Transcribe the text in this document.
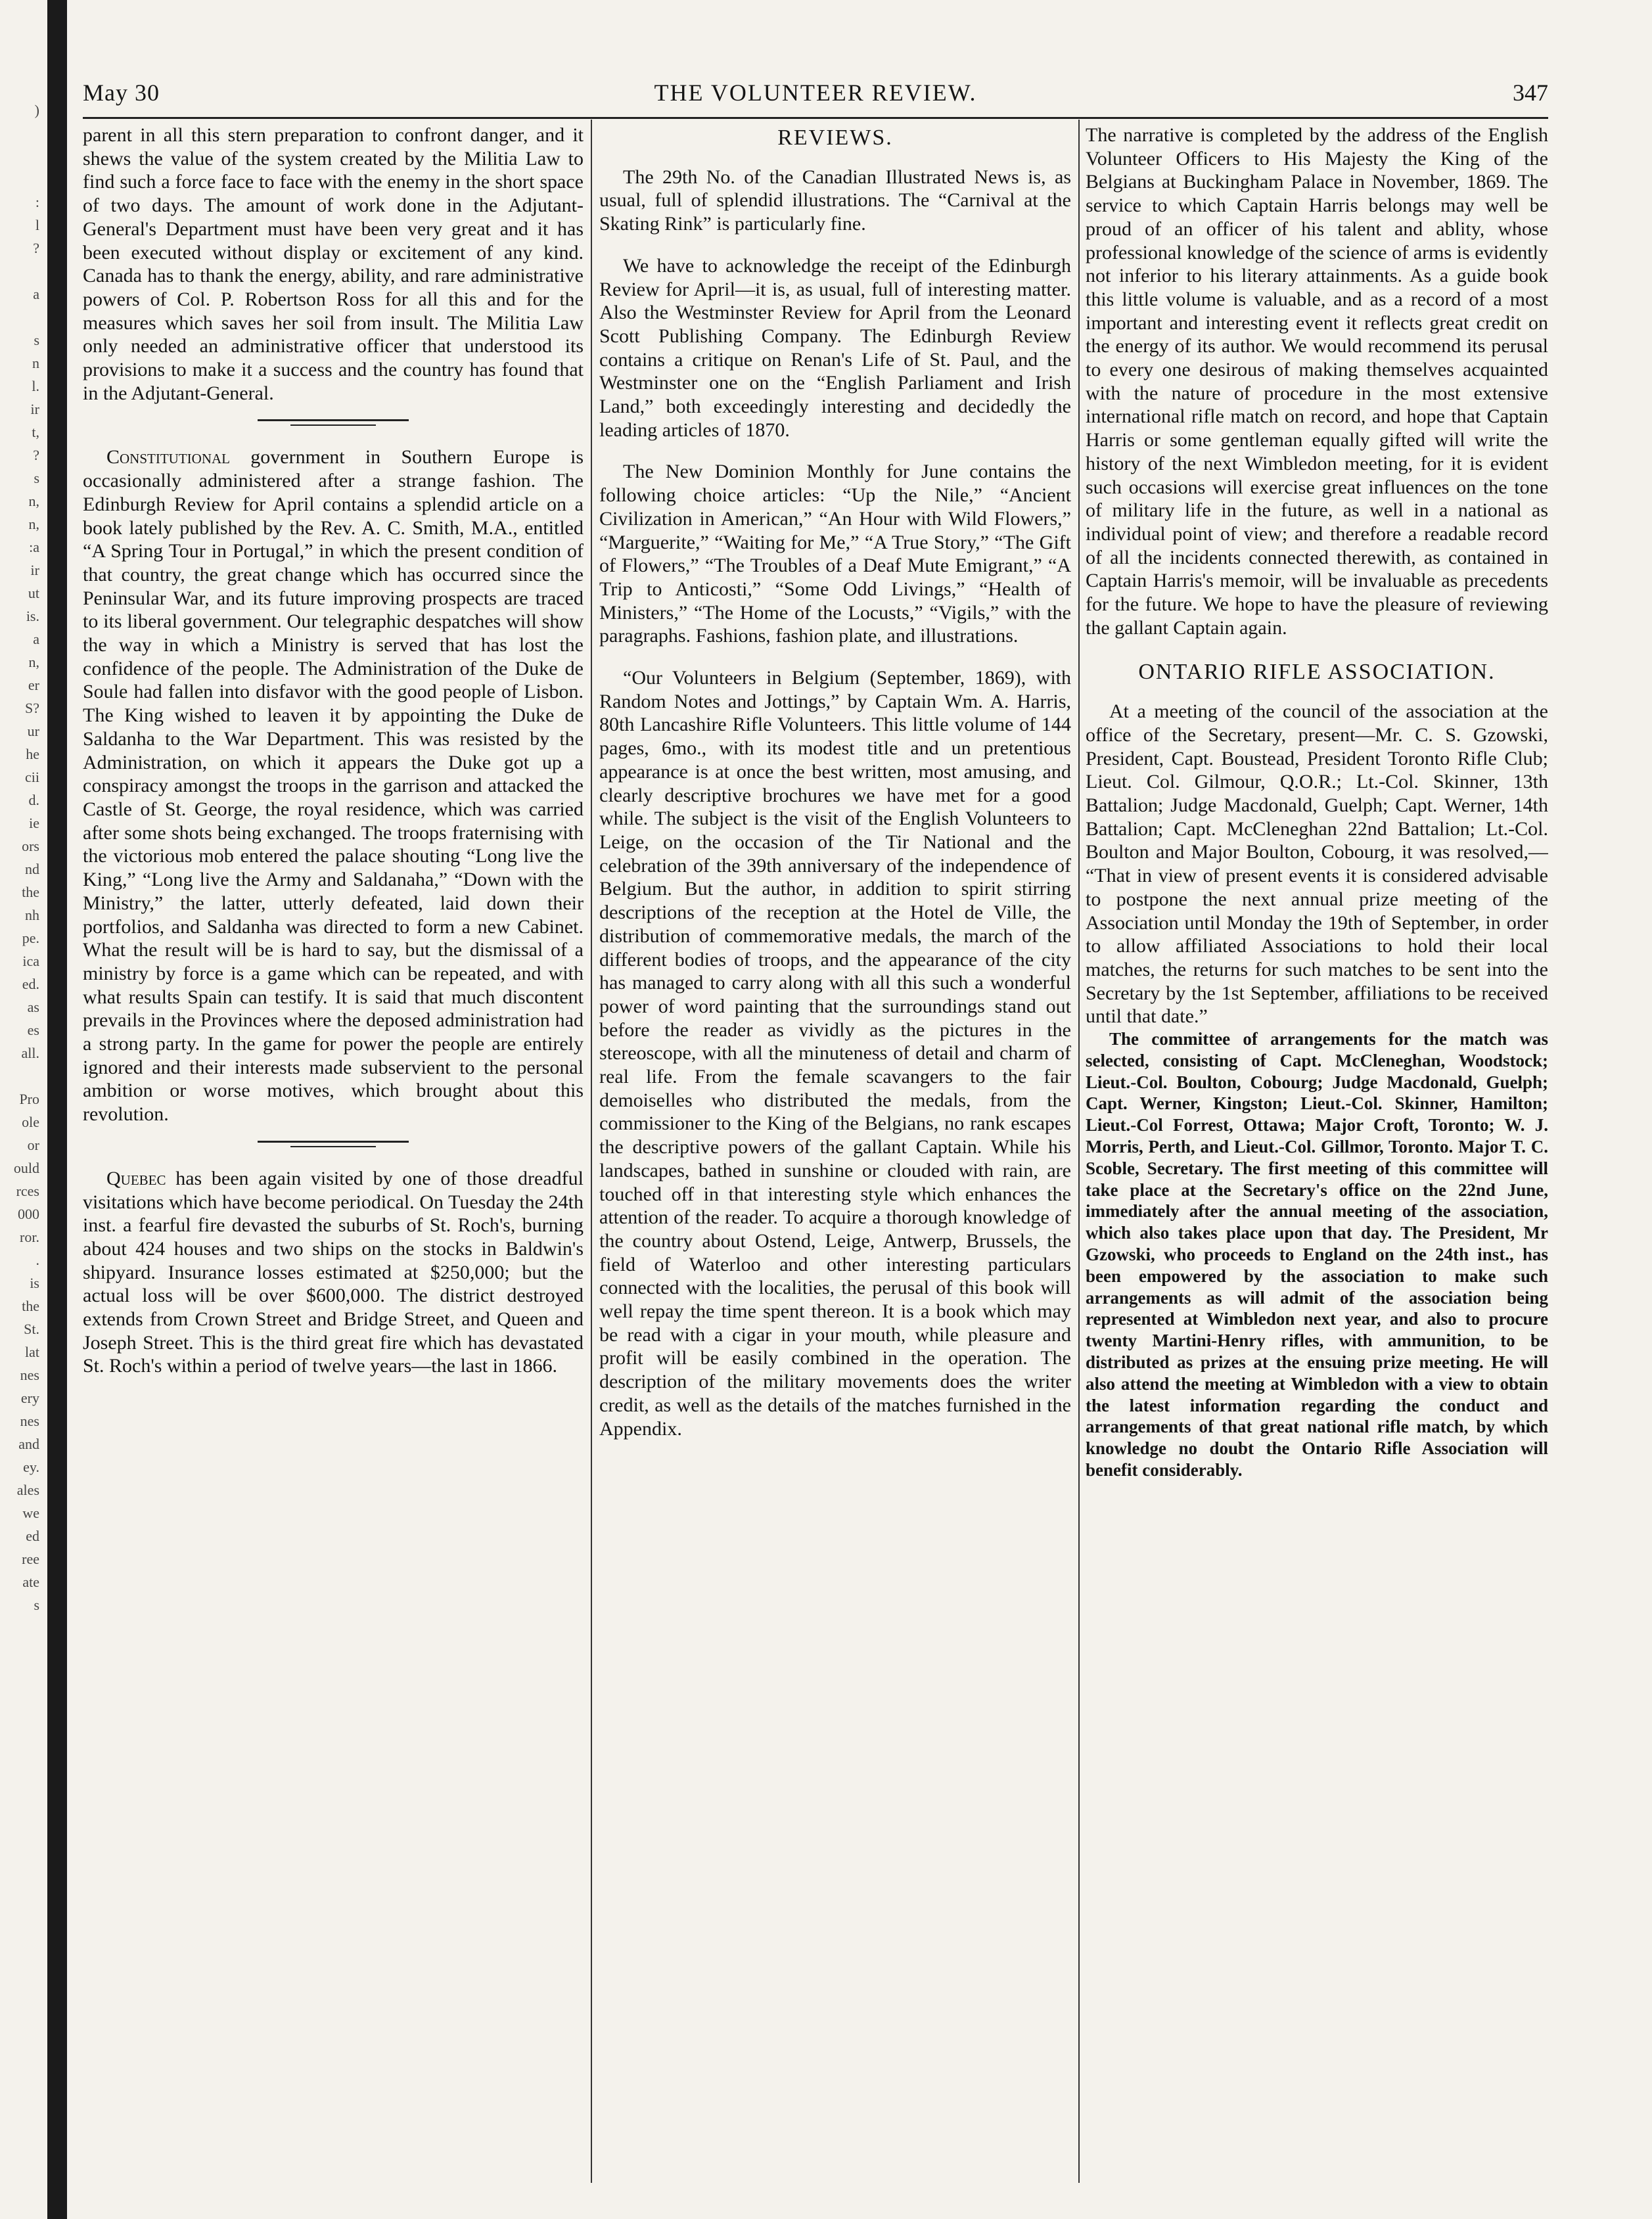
)
:
l
?
a
s
n
l.
ir
t,
?
s
n,
n,
:a
ir
ut
is.
a
n,
er
S?
ur
he
cii
d.
ie
ors
nd
the
nh
pe.
ica
ed.
as
es
all.
Pro
ole
or
ould
rces
000
ror.
.
is
the
St.
lat
nes
ery
nes
and
ey.
ales
we
ed
ree
ate
s
May 30	THE VOLUNTEER REVIEW.	347

parent in all this stern preparation to confront danger, and it shews the value of the system created by the Militia Law to find such a force face to face with the enemy in the short space of two days. The amount of work done in the Adjutant-General's Department must have been very great and it has been executed without display or excitement of any kind. Canada has to thank the energy, ability, and rare administrative powers of Col. P. Robertson Ross for all this and for the measures which saves her soil from insult. The Militia Law only needed an administrative officer that understood its provisions to make it a success and the country has found that in the Adjutant-General.

Constitutional government in Southern Europe is occasionally administered after a strange fashion. The Edinburgh Review for April contains a splendid article on a book lately published by the Rev. A. C. Smith, M.A., entitled “A Spring Tour in Portugal,” in which the present condition of that country, the great change which has occurred since the Peninsular War, and its future improving prospects are traced to its liberal government. Our telegraphic despatches will show the way in which a Ministry is served that has lost the confidence of the people. The Administration of the Duke de Soule had fallen into disfavor with the good people of Lisbon. The King wished to leaven it by appointing the Duke de Saldanha to the War Department. This was resisted by the Administration, on which it appears the Duke got up a conspiracy amongst the troops in the garrison and attacked the Castle of St. George, the royal residence, which was carried after some shots being exchanged. The troops fraternising with the victorious mob entered the palace shouting “Long live the King,” “Long live the Army and Saldanaha,” “Down with the Ministry,” the latter, utterly defeated, laid down their portfolios, and Saldanha was directed to form a new Cabinet. What the result will be is hard to say, but the dismissal of a ministry by force is a game which can be repeated, and with what results Spain can testify. It is said that much discontent prevails in the Provinces where the deposed administration had a strong party. In the game for power the people are entirely ignored and their interests made subservient to the personal ambition or worse motives, which brought about this revolution.

Quebec has been again visited by one of those dreadful visitations which have become periodical. On Tuesday the 24th inst. a fearful fire devasted the suburbs of St. Roch's, burning about 424 houses and two ships on the stocks in Baldwin's shipyard. Insurance losses estimated at $250,000; but the actual loss will be over $600,000. The district destroyed extends from Crown Street and Bridge Street, and Queen and Joseph Street. This is the third great fire which has devastated St. Roch's within a period of twelve years—the last in 1866.

REVIEWS.

The 29th No. of the Canadian Illustrated News is, as usual, full of splendid illustrations. The “Carnival at the Skating Rink” is particularly fine.

We have to acknowledge the receipt of the Edinburgh Review for April—it is, as usual, full of interesting matter. Also the Westminster Review for April from the Leonard Scott Publishing Company. The Edinburgh Review contains a critique on Renan's Life of St. Paul, and the Westminster one on the “English Parliament and Irish Land,” both exceedingly interesting and decidedly the leading articles of 1870.

The New Dominion Monthly for June contains the following choice articles: “Up the Nile,” “Ancient Civilization in American,” “An Hour with Wild Flowers,” “Marguerite,” “Waiting for Me,” “A True Story,” “The Gift of Flowers,” “The Troubles of a Deaf Mute Emigrant,” “A Trip to Anticosti,” “Some Odd Livings,” “Health of Ministers,” “The Home of the Locusts,” “Vigils,” with the paragraphs. Fashions, fashion plate, and illustrations.

“Our Volunteers in Belgium (September, 1869), with Random Notes and Jottings,” by Captain Wm. A. Harris, 80th Lancashire Rifle Volunteers. This little volume of 144 pages, 6mo., with its modest title and un pretentious appearance is at once the best written, most amusing, and clearly descriptive brochures we have met for a good while. The subject is the visit of the English Volunteers to Leige, on the occasion of the Tir National and the celebration of the 39th anniversary of the independence of Belgium. But the author, in addition to spirit stirring descriptions of the reception at the Hotel de Ville, the distribution of commemorative medals, the march of the different bodies of troops, and the appearance of the city has managed to carry along with all this such a wonderful power of word painting that the surroundings stand out before the reader as vividly as the pictures in the stereoscope, with all the minuteness of detail and charm of real life. From the female scavangers to the fair demoiselles who distributed the medals, from the commissioner to the King of the Belgians, no rank escapes the descriptive powers of the gallant Captain. While his landscapes, bathed in sunshine or clouded with rain, are touched off in that interesting style which enhances the attention of the reader. To acquire a thorough knowledge of the country about Ostend, Leige, Antwerp, Brussels, the field of Waterloo and other interesting particulars connected with the localities, the perusal of this book will well repay the time spent thereon. It is a book which may be read with a cigar in your mouth, while pleasure and profit will be easily combined in the operation. The description of the military movements does the writer credit, as well as the details of the matches furnished in the Appendix.

The narrative is completed by the address of the English Volunteer Officers to His Majesty the King of the Belgians at Buckingham Palace in November, 1869. The service to which Captain Harris belongs may well be proud of an officer of his talent and ablity, whose professional knowledge of the science of arms is evidently not inferior to his literary attainments. As a guide book this little volume is valuable, and as a record of a most important and interesting event it reflects great credit on the energy of its author. We would recommend its perusal to every one desirous of making themselves acquainted with the nature of procedure in the most extensive international rifle match on record, and hope that Captain Harris or some gentleman equally gifted will write the history of the next Wimbledon meeting, for it is evident such occasions will exercise great influences on the tone of military life in the future, as well in a national as individual point of view; and therefore a readable record of all the incidents connected therewith, as contained in Captain Harris's memoir, will be invaluable as precedents for the future. We hope to have the pleasure of reviewing the gallant Captain again.

ONTARIO RIFLE ASSOCIATION.

At a meeting of the council of the association at the office of the Secretary, present—Mr. C. S. Gzowski, President, Capt. Boustead, President Toronto Rifle Club; Lieut. Col. Gilmour, Q.O.R.; Lt.-Col. Skinner, 13th Battalion; Judge Macdonald, Guelph; Capt. Werner, 14th Battalion; Capt. McCleneghan 22nd Battalion; Lt.-Col. Boulton and Major Boulton, Cobourg, it was resolved,— “That in view of present events it is considered advisable to postpone the next annual prize meeting of the Association until Monday the 19th of September, in order to allow affiliated Associations to hold their local matches, the returns for such matches to be sent into the Secretary by the 1st September, affiliations to be received until that date.”

The committee of arrangements for the match was selected, consisting of Capt. McCleneghan, Woodstock; Lieut.-Col. Boulton, Cobourg; Judge Macdonald, Guelph; Capt. Werner, Kingston; Lieut.-Col. Skinner, Hamilton; Lieut.-Col Forrest, Ottawa; Major Croft, Toronto; W. J. Morris, Perth, and Lieut.-Col. Gillmor, Toronto. Major T. C. Scoble, Secretary. The first meeting of this committee will take place at the Secretary's office on the 22nd June, immediately after the annual meeting of the association, which also takes place upon that day. The President, Mr Gzowski, who proceeds to England on the 24th inst., has been empowered by the association to make such arrangements as will admit of the association being represented at Wimbledon next year, and also to procure twenty Martini-Henry rifles, with ammunition, to be distributed as prizes at the ensuing prize meeting. He will also attend the meeting at Wimbledon with a view to obtain the latest information regarding the conduct and arrangements of that great national rifle match, by which knowledge no doubt the Ontario Rifle Association will benefit considerably.
